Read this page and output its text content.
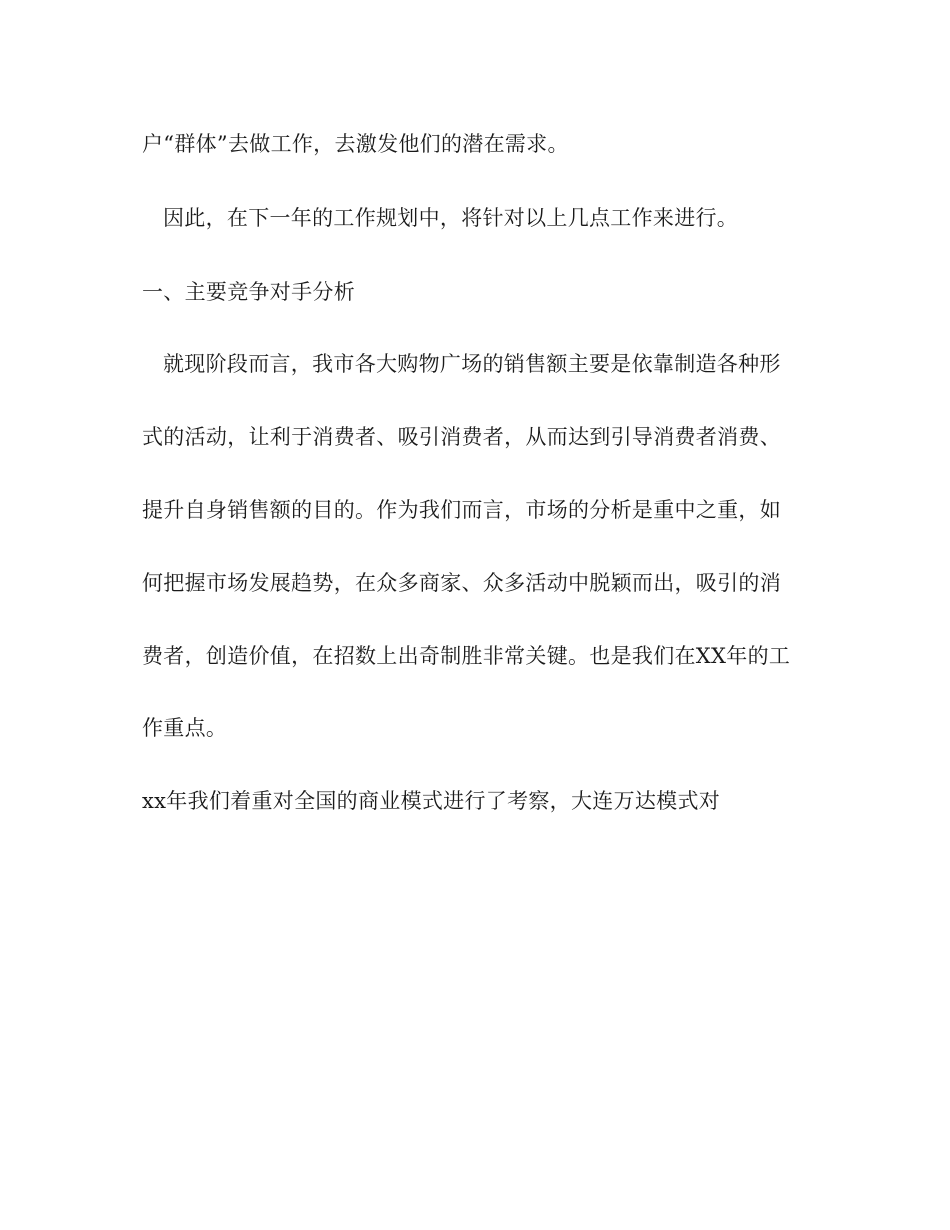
户“群体”去做工作，去激发他们的潜在需求。
因此，在下一年的工作规划中，将针对以上几点工作来进行。
一、主要竞争对手分析
就现阶段而言，我市各大购物广场的销售额主要是依靠制造各种形
式的活动，让利于消费者、吸引消费者，从而达到引导消费者消费、
提升自身销售额的目的。作为我们而言，市场的分析是重中之重，如
何把握市场发展趋势，在众多商家、众多活动中脱颖而出，吸引的消
费者，创造价值，在招数上出奇制胜非常关键。也是我们在XX年的工
作重点。
xx年我们着重对全国的商业模式进行了考察，大连万达模式对
